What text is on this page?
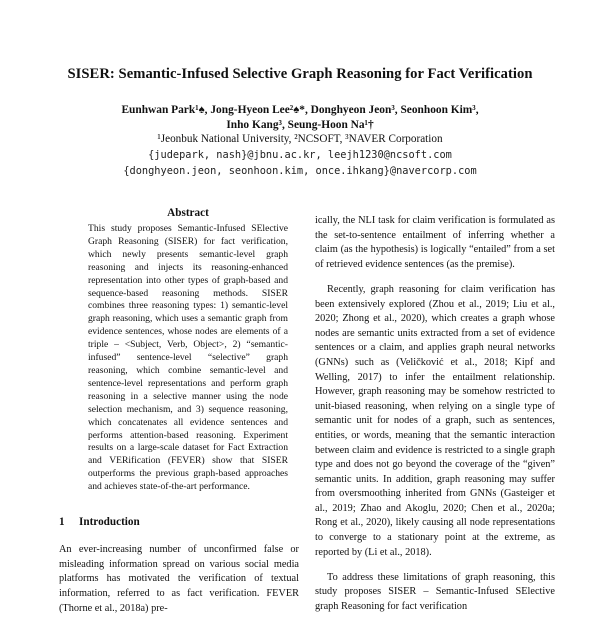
SISER: Semantic-Infused Selective Graph Reasoning for Fact Verification
Eunhwan Park¹♠, Jong-Hyeon Lee²♠*, Donghyeon Jeon³, Seonhoon Kim³,
Inho Kang³, Seung-Hoon Na¹†
¹Jeonbuk National University, ²NCSOFT, ³NAVER Corporation
{judepark, nash}@jbnu.ac.kr, leejh1230@ncsoft.com
{donghyeon.jeon, seonhoon.kim, once.ihkang}@navercorp.com
Abstract

This study proposes Semantic-Infused SElective Graph Reasoning (SISER) for fact verification, which newly presents semantic-level graph reasoning and injects its reasoning-enhanced representation into other types of graph-based and sequence-based reasoning methods. SISER combines three reasoning types: 1) semantic-level graph reasoning, which uses a semantic graph from evidence sentences, whose nodes are elements of a triple – <Subject, Verb, Object>, 2) “semantic-infused” sentence-level “selective” graph reasoning, which combine semantic-level and sentence-level representations and perform graph reasoning in a selective manner using the node selection mechanism, and 3) sequence reasoning, which concatenates all evidence sentences and performs attention-based reasoning. Experiment results on a large-scale dataset for Fact Extraction and VERification (FEVER) show that SISER outperforms the previous graph-based approaches and achieves state-of-the-art performance.

1 Introduction

An ever-increasing number of unconfirmed false or misleading information spread on various social media platforms has motivated the verification of textual information, referred to as fact verification. FEVER (Thorne et al., 2018a) pre-

ically, the NLI task for claim verification is formulated as the set-to-sentence entailment of inferring whether a claim (as the hypothesis) is logically “entailed” from a set of retrieved evidence sentences (as the premise).

Recently, graph reasoning for claim verification has been extensively explored (Zhou et al., 2019; Liu et al., 2020; Zhong et al., 2020), which creates a graph whose nodes are semantic units extracted from a set of evidence sentences or a claim, and applies graph neural networks (GNNs) such as (Veličković et al., 2018; Kipf and Welling, 2017) to infer the entailment relationship. However, graph reasoning may be somehow restricted to unit-biased reasoning, when relying on a single type of semantic unit for nodes of a graph, such as sentences, entities, or words, meaning that the semantic interaction between claim and evidence is restricted to a single graph type and does not go beyond the coverage of the “given” semantic units. In addition, graph reasoning may suffer from oversmoothing inherited from GNNs (Gasteiger et al., 2019; Zhao and Akoglu, 2020; Chen et al., 2020a; Rong et al., 2020), likely causing all node representations to converge to a stationary point at the extreme, as reported by (Li et al., 2018).

To address these limitations of graph reasoning, this study proposes SISER – Semantic-Infused SElective graph Reasoning for fact verification
